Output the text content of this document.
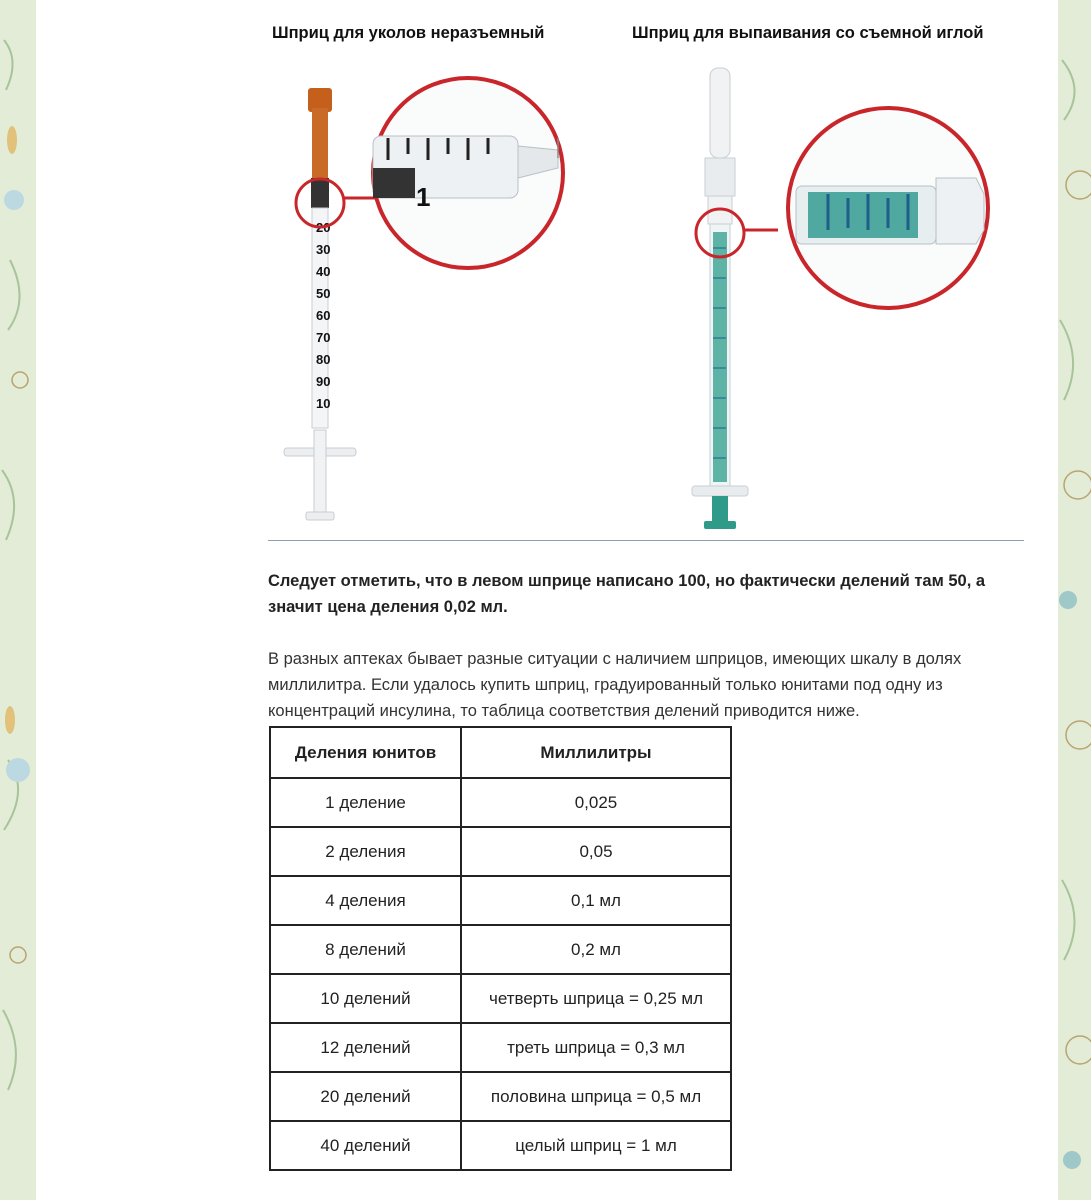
Шприц для уколов неразъемный	Шприц для выпаивания со съемной иглой
20
30
40
50
60
70
80
90
10
1
Следует отметить, что в левом шприце написано 100, но фактически делений там 50, а значит цена деления 0,02 мл.
В разных аптеках бывает разные ситуации с наличием шприцов, имеющих шкалу в долях миллилитра. Если удалось купить шприц, градуированный только юнитами под одну из концентраций инсулина, то таблица соответствия делений приводится ниже.
Деления юнитов	Миллилитры
1 деление	0,025
2 деления	0,05
4 деления	0,1 мл
8 делений	0,2 мл
10 делений	четверть шприца = 0,25 мл
12 делений	треть шприца = 0,3 мл
20 делений	половина шприца = 0,5 мл
40 делений	целый шприц = 1 мл
